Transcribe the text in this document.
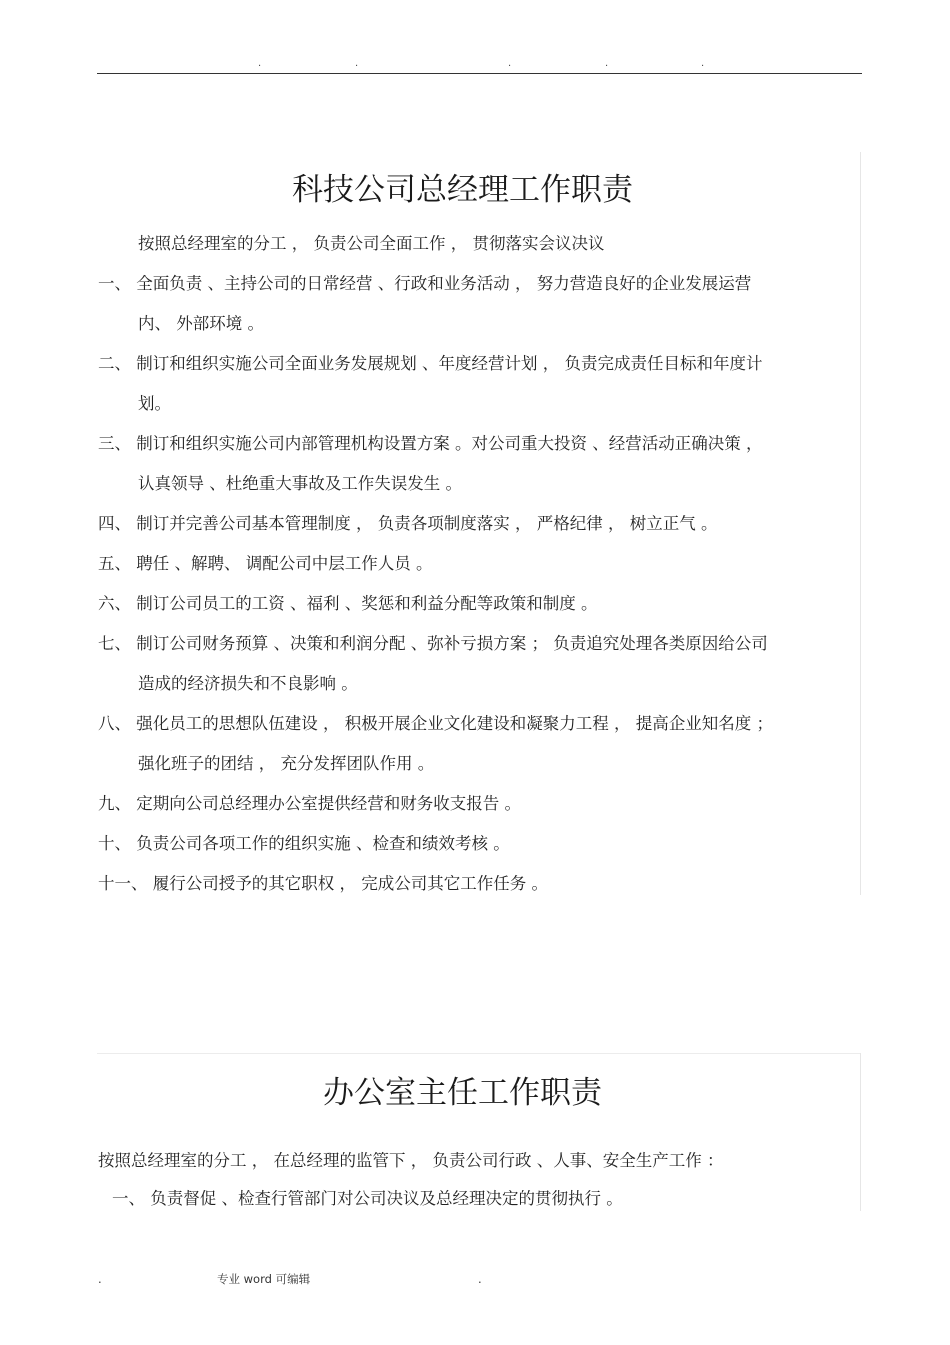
.	.	.	.	.
科技公司总经理工作职责
按照总经理室的分工 ， 负责公司全面工作 ， 贯彻落实会议决议
一、 全面负责 、主持公司的日常经营 、行政和业务活动 ， 努力营造良好的企业发展运营
内、 外部环境 。
二、 制订和组织实施公司全面业务发展规划 、年度经营计划 ， 负责完成责任目标和年度计
划。
三、 制订和组织实施公司内部管理机构设置方案 。对公司重大投资 、经营活动正确决策 ，
认真领导 、杜绝重大事故及工作失误发生 。
四、 制订并完善公司基本管理制度 ， 负责各项制度落实 ， 严格纪律 ， 树立正气 。
五、 聘任 、解聘、 调配公司中层工作人员 。
六、 制订公司员工的工资 、福利 、奖惩和利益分配等政策和制度 。
七、 制订公司财务预算 、决策和利润分配 、弥补亏损方案 ； 负责追究处理各类原因给公司
造成的经济损失和不良影响 。
八、 强化员工的思想队伍建设 ， 积极开展企业文化建设和凝聚力工程 ， 提高企业知名度 ；
强化班子的团结 ， 充分发挥团队作用 。
九、 定期向公司总经理办公室提供经营和财务收支报告 。
十、 负责公司各项工作的组织实施 、检查和绩效考核 。
十一、 履行公司授予的其它职权 ， 完成公司其它工作任务 。
办公室主任工作职责
按照总经理室的分工 ， 在总经理的监管下 ， 负责公司行政 、人事、安全生产工作 ：
一、 负责督促 、检查行管部门对公司决议及总经理决定的贯彻执行 。
.	专业 word 可编辑	.
